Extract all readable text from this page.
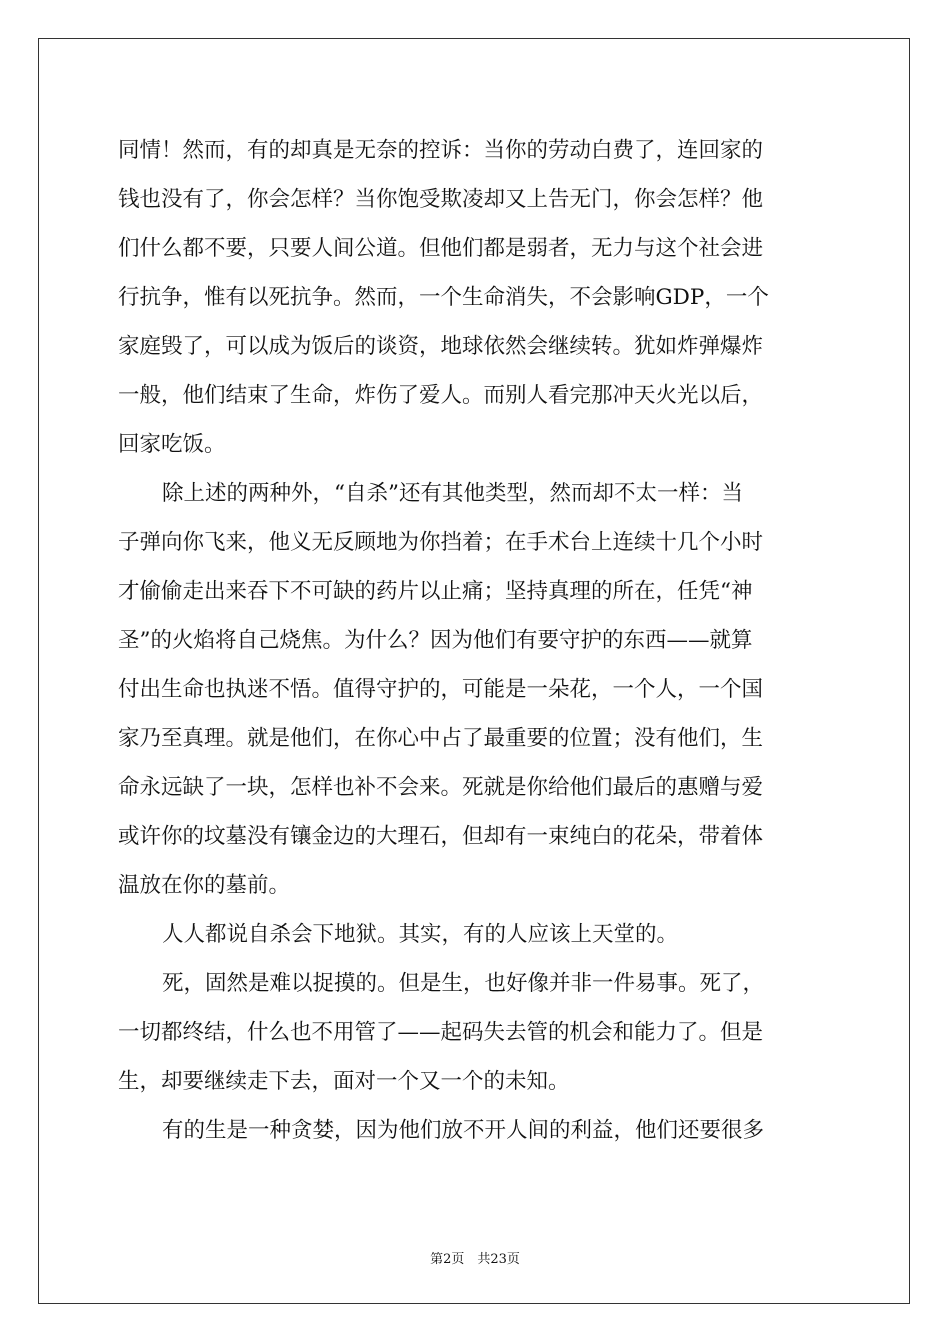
同情！然而，有的却真是无奈的控诉：当你的劳动白费了，连回家的
钱也没有了，你会怎样？当你饱受欺凌却又上告无门，你会怎样？他
们什么都不要，只要人间公道。但他们都是弱者，无力与这个社会进
行抗争，惟有以死抗争。然而，一个生命消失，不会影响GDP，一个
家庭毁了，可以成为饭后的谈资，地球依然会继续转。犹如炸弹爆炸
一般，他们结束了生命，炸伤了爱人。而别人看完那冲天火光以后，
回家吃饭。
除上述的两种外，“自杀”还有其他类型，然而却不太一样：当
子弹向你飞来，他义无反顾地为你挡着；在手术台上连续十几个小时
才偷偷走出来吞下不可缺的药片以止痛；坚持真理的所在，任凭“神
圣”的火焰将自己烧焦。为什么？因为他们有要守护的东西——就算
付出生命也执迷不悟。值得守护的，可能是一朵花，一个人，一个国
家乃至真理。就是他们，在你心中占了最重要的位置；没有他们，生
命永远缺了一块，怎样也补不会来。死就是你给他们最后的惠赠与爱
或许你的坟墓没有镶金边的大理石，但却有一束纯白的花朵，带着体
温放在你的墓前。
人人都说自杀会下地狱。其实，有的人应该上天堂的。
死，固然是难以捉摸的。但是生，也好像并非一件易事。死了，
一切都终结，什么也不用管了——起码失去管的机会和能力了。但是
生，却要继续走下去，面对一个又一个的未知。
有的生是一种贪婪，因为他们放不开人间的利益，他们还要很多
第2页　共23页
